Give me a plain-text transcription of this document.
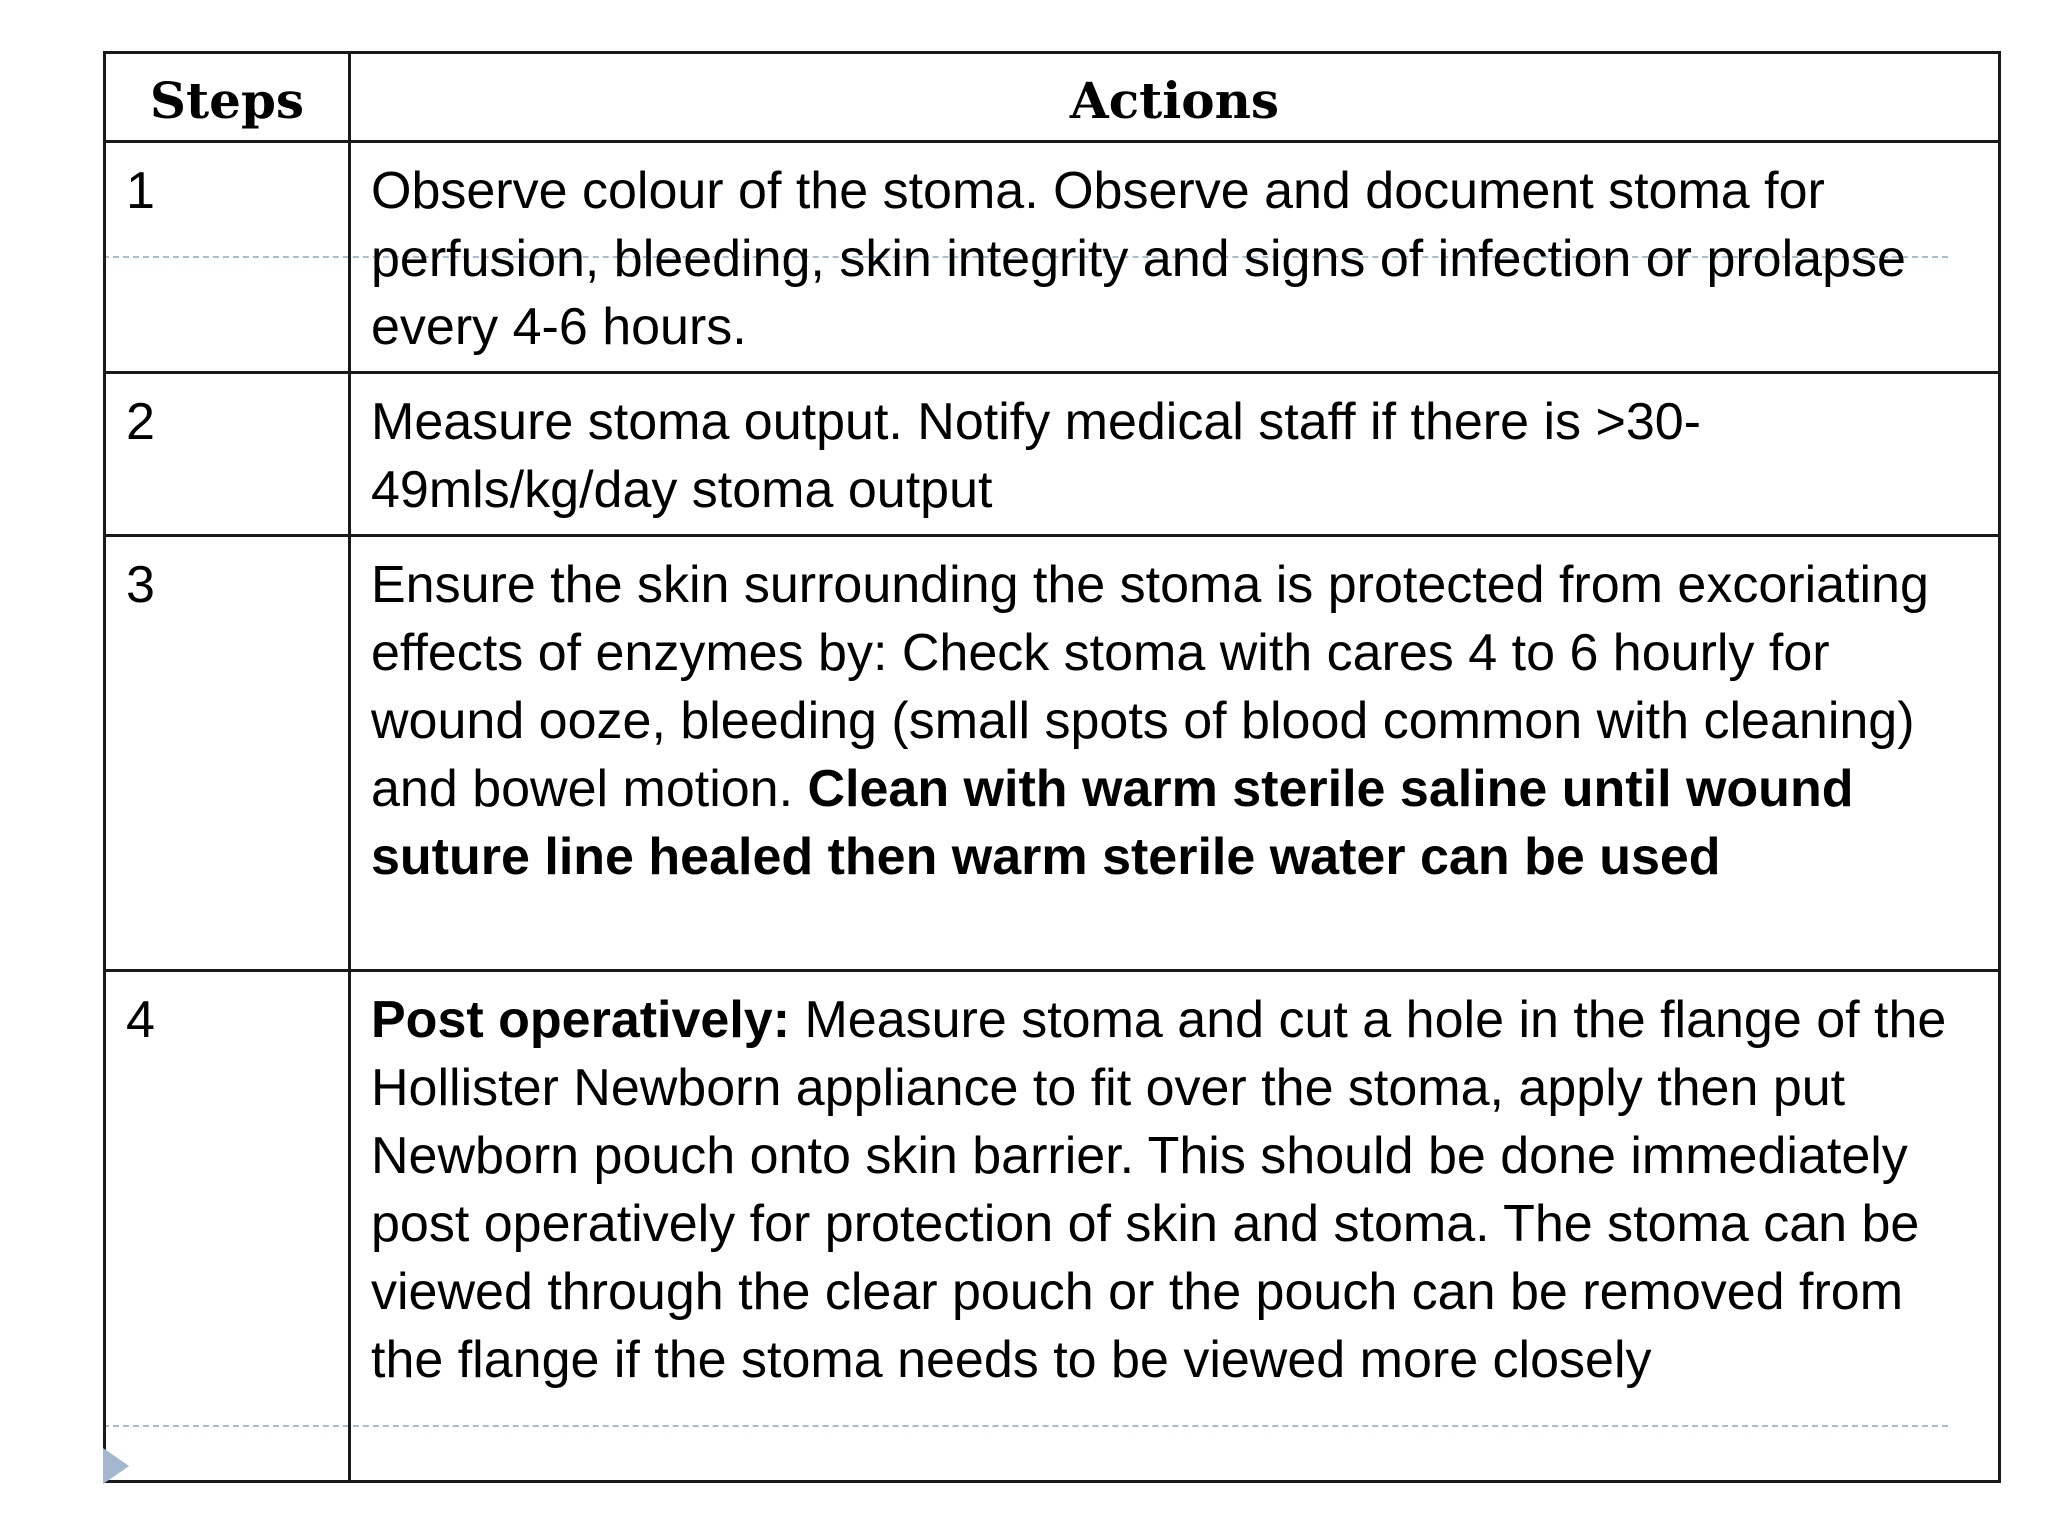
Steps	Actions
1	Observe colour of the stoma. Observe and document stoma for perfusion, bleeding, skin integrity and signs of infection or prolapse every 4-6 hours.
2	Measure stoma output. Notify medical staff if there is >30-49mls/kg/day stoma output
3	Ensure the skin surrounding the stoma is protected from excoriating effects of enzymes by: Check stoma with cares 4 to 6 hourly for wound ooze, bleeding (small spots of blood common with cleaning) and bowel motion. Clean with warm sterile saline until wound suture line healed then warm sterile water can be used
4	Post operatively: Measure stoma and cut a hole in the flange of the Hollister Newborn appliance to fit over the stoma, apply then put Newborn pouch onto skin barrier. This should be done immediately post operatively for protection of skin and stoma. The stoma can be viewed through the clear pouch or the pouch can be removed from the flange if the stoma needs to be viewed more closely
